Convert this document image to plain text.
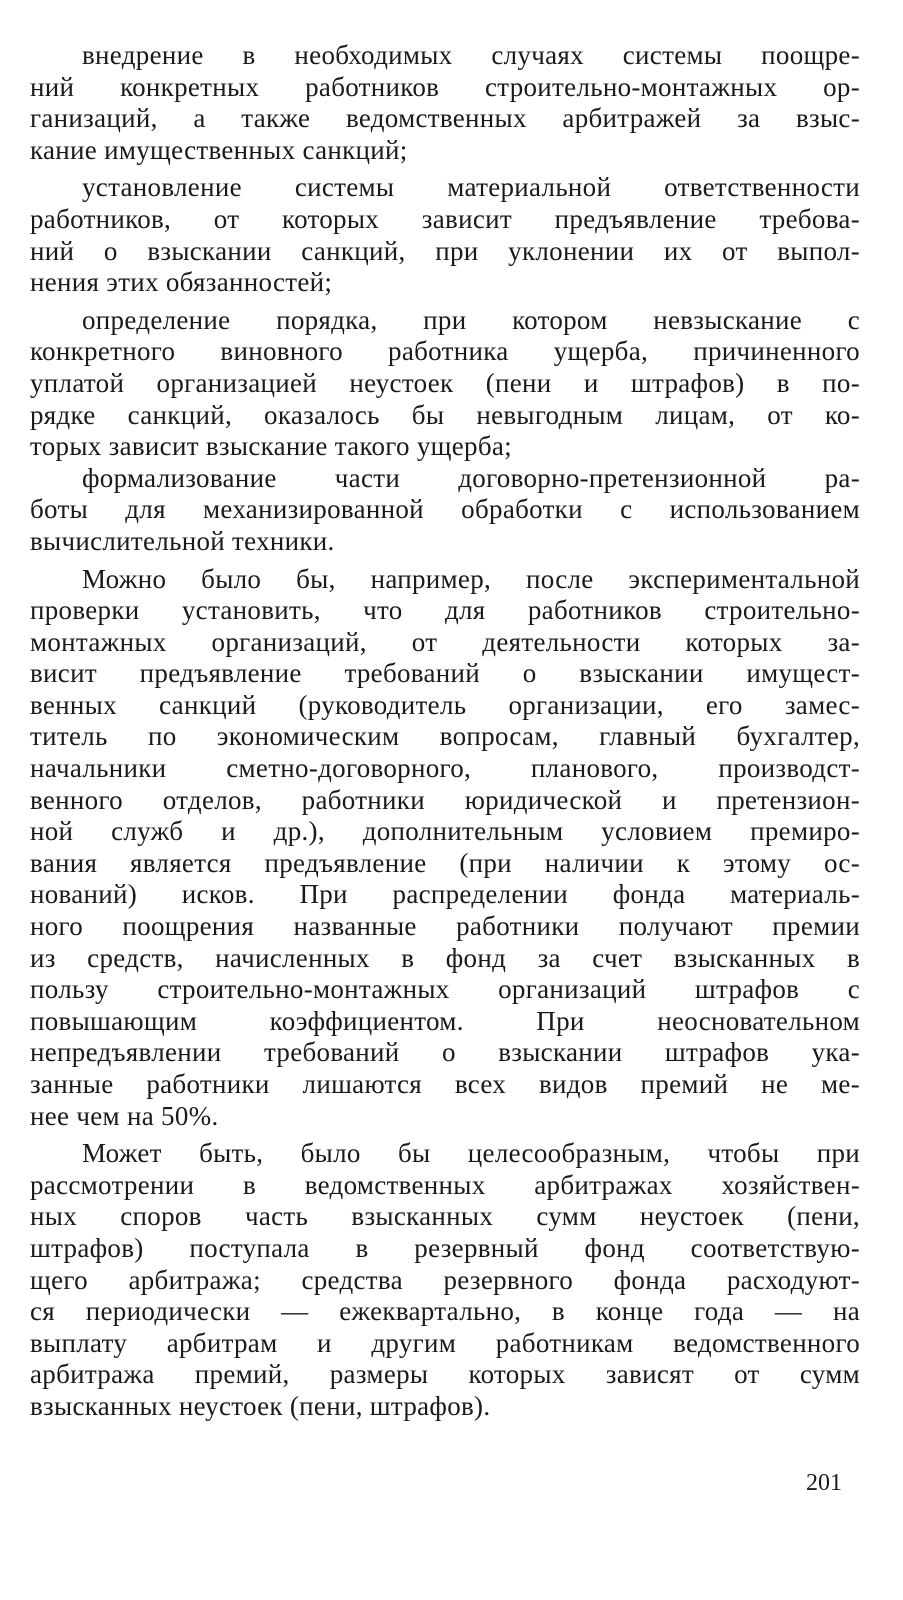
внедрение в необходимых случаях системы поощре-
ний конкретных работников строительно-монтажных ор-
ганизаций, а также ведомственных арбитражей за взыс-
кание имущественных санкций;
установление системы материальной ответственности
работников, от которых зависит предъявление требова-
ний о взыскании санкций, при уклонении их от выпол-
нения этих обязанностей;
определение порядка, при котором невзыскание с
конкретного виновного работника ущерба, причиненного
уплатой организацией неустоек (пени и штрафов) в по-
рядке санкций, оказалось бы невыгодным лицам, от ко-
торых зависит взыскание такого ущерба;
формализование части договорно-претензионной ра-
боты для механизированной обработки с использованием
вычислительной техники.
Можно было бы, например, после экспериментальной
проверки установить, что для работников строительно-
монтажных организаций, от деятельности которых за-
висит предъявление требований о взыскании имущест-
венных санкций (руководитель организации, его замес-
титель по экономическим вопросам, главный бухгалтер,
начальники сметно-договорного, планового, производст-
венного отделов, работники юридической и претензион-
ной служб и др.), дополнительным условием премиро-
вания является предъявление (при наличии к этому ос-
нований) исков. При распределении фонда материаль-
ного поощрения названные работники получают премии
из средств, начисленных в фонд за счет взысканных в
пользу строительно-монтажных организаций штрафов с
повышающим коэффициентом. При неосновательном
непредъявлении требований о взыскании штрафов ука-
занные работники лишаются всех видов премий не ме-
нее чем на 50%.
Может быть, было бы целесообразным, чтобы при
рассмотрении в ведомственных арбитражах хозяйствен-
ных споров часть взысканных сумм неустоек (пени,
штрафов) поступала в резервный фонд соответствую-
щего арбитража; средства резервного фонда расходуют-
ся периодически — ежеквартально, в конце года — на
выплату арбитрам и другим работникам ведомственного
арбитража премий, размеры которых зависят от сумм
взысканных неустоек (пени, штрафов).
201
